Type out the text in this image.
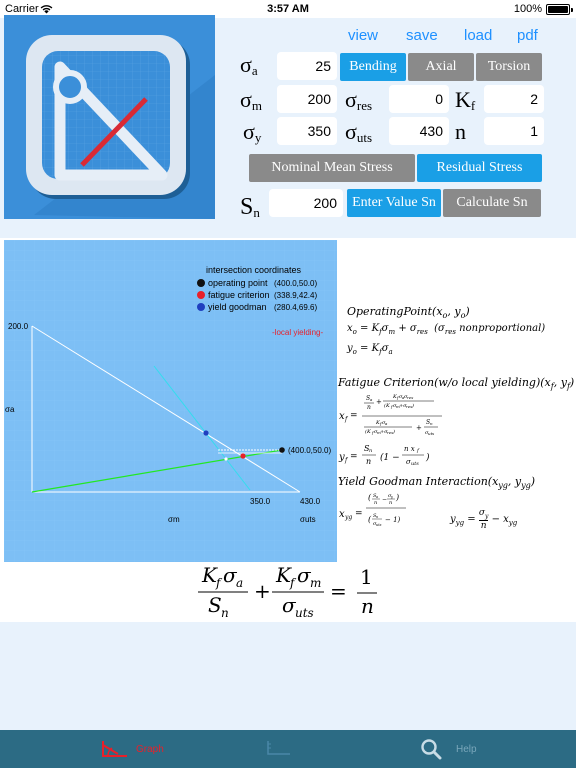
Carrier	3:57 AM	100%
view save load pdf
$\sigma_a$	25	Bending	Axial	Torsion
$\sigma_m$	200 $\sigma_{res}$	0 $K_f$	2
$\sigma_y$	350 $\sigma_{uts}$	430 n	1
Nominal Mean Stress	Residual Stress
$S_n$
200	Enter Value Sn	Calculate Sn
intersection coordinates
operating point (400.0,50.0)
fatigue criterion (338.9,42.4)
yield goodman (280.4,69.6)
-local yielding-
200.0
σa
(400.0,50.0)
350.0	430.0
σm	σuts
$OperatingPoint(x_o$, $y_o$)
$x_o = K_f\sigma_m + \sigma_{res}$ ($\sigma_{res}$ nonproportional)
$y_o = K_f\sigma_a$
Fatigue Criterion(w/o local $yielding)(x_f$, $y_f$)
x f =
S a
n
+
K f σ a σ res
(K f σ m +σ res )
K f σ a
(K f σ m +σ res )	+
S n
σ uts
y f =
S n
n (1 −
n x f
σ uts
)
Yield Goodman $Interaction(x_{yg}$, $y_{yg}$)
x yg =
( S a
n − σ y
n
)
( S n
σ uts
− 1)	$y_{yg} = \frac{\sigma_y}{n} - x_{yg}$
K f σ a
S n
+
K f σ m
σ uts
=
1
n
Graph	Help
